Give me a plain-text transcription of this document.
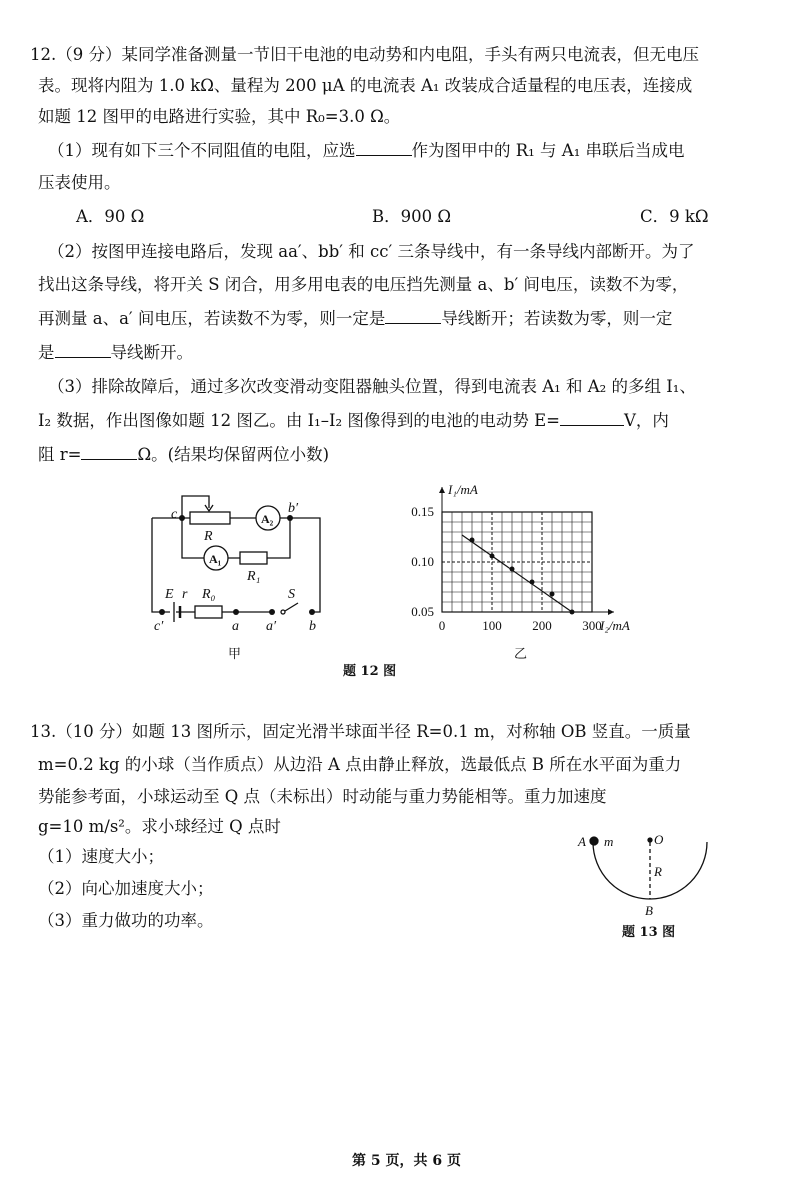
12.（9 分）某同学准备测量一节旧干电池的电动势和内电阻，手头有两只电流表，但无电压
表。现将内阻为 1.0 kΩ、量程为 200 μA 的电流表 A₁ 改装成合适量程的电压表，连接成
如题 12 图甲的电路进行实验，其中 R₀=3.0 Ω。
（1）现有如下三个不同阻值的电阻，应选	作为图甲中的 R₁ 与 A₁ 串联后当成电
压表使用。
A．90 Ω	B．900 Ω	C．9 kΩ
（2）按图甲连接电路后，发现 aa′、bb′ 和 cc′ 三条导线中，有一条导线内部断开。为了
找出这条导线，将开关 S 闭合，用多用电表的电压挡先测量 a、b′ 间电压，读数不为零，
再测量 a、a′ 间电压，若读数不为零，则一定是	导线断开；若读数为零，则一定
是	导线断开。
（3）排除故障后，通过多次改变滑动变阻器触头位置，得到电流表 A₁ 和 A₂ 的多组 I₁、
I₂ 数据，作出图像如题 12 图乙。由 I₁–I₂ 图像得到的电池的电动势 E=	V，内
阻 r=	Ω。(结果均保留两位小数)
c	b′
R
A₂
A₁
R₁
E r R₀	S
c′	a a′ b
甲
0	100 200 300
0.05
0.10
0.15
I₂/mA
I₁/mA
乙
题 12 图
13.（10 分）如题 13 图所示，固定光滑半球面半径 R=0.1 m，对称轴 OB 竖直。一质量
m=0.2 kg 的小球（当作质点）从边沿 A 点由静止释放，选最低点 B 所在水平面为重力
势能参考面，小球运动至 Q 点（未标出）时动能与重力势能相等。重力加速度
g=10 m/s²。求小球经过 Q 点时
（1）速度大小；
（2）向心加速度大小；
（3）重力做功的功率。
A m	O
R
B
题 13 图
第 5 页，共 6 页
